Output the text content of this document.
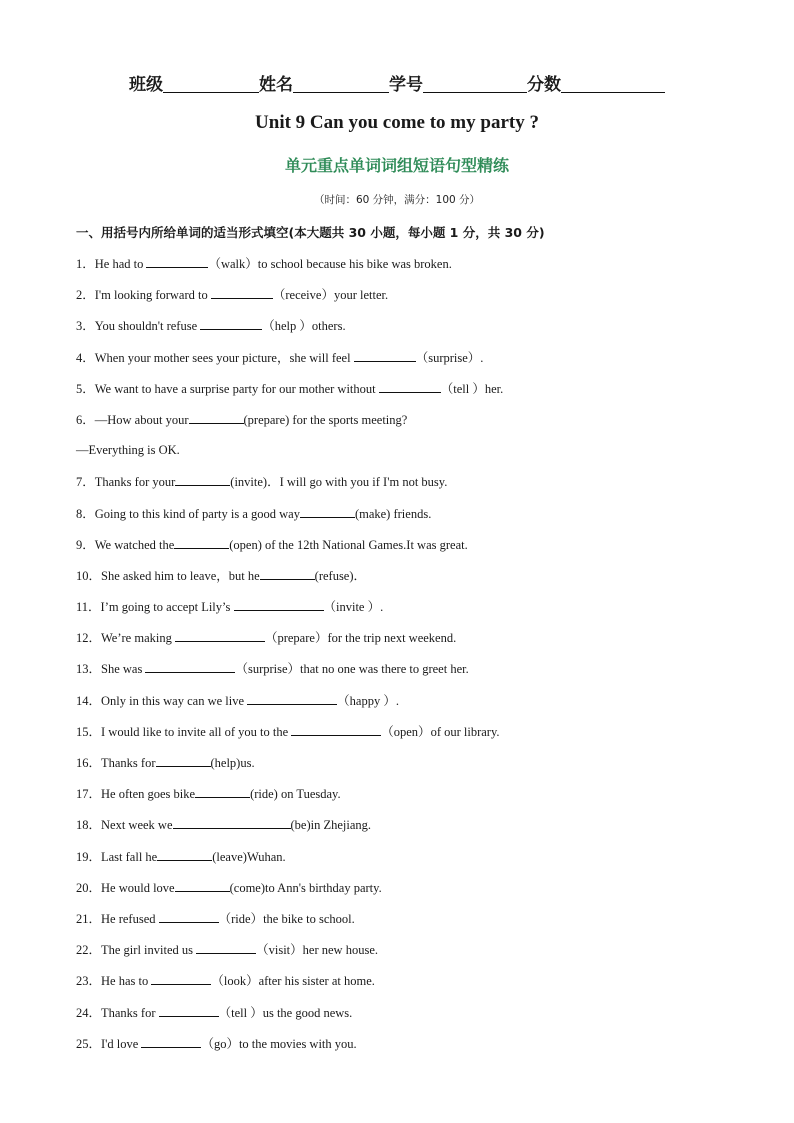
班级	姓名	学号	分数
Unit 9 Can you come to my party ?
单元重点单词词组短语句型精练
（时间：60 分钟，满分：100 分）
一、用括号内所给单词的适当形式填空(本大题共 30 小题，每小题 1 分，共 30 分)
1．He had to	（walk）to school because his bike was broken.
2．I'm looking forward to	（receive）your letter.
3．You shouldn't refuse	（help ）others.
4．When your mother sees your picture，she will feel	（surprise）.
5．We want to have a surprise party for our mother without	（tell ）her.
6．—How about your	(prepare) for the sports meeting?
—Everything is OK.
7．Thanks for your	(invite)．I will go with you if I'm not busy.
8．Going to this kind of party is a good way	(make) friends.
9．We watched the	(open) of the 12th National Games.It was great.
10．She asked him to leave，but he	(refuse)．
11．I’m going to accept Lily’s	（invite ）.
12．We’re making	（prepare）for the trip next weekend.
13．She was	（surprise）that no one was there to greet her.
14．Only in this way can we live	（happy ）.
15．I would like to invite all of you to the	（open）of our library.
16．Thanks for	(help)us.
17．He often goes bike	(ride) on Tuesday.
18．Next week we	(be)in Zhejiang.
19．Last fall he	(leave)Wuhan.
20．He would love	(come)to Ann's birthday party.
21．He refused	（ride）the bike to school.
22．The girl invited us	（visit）her new house.
23．He has to	（look）after his sister at home.
24．Thanks for	（tell ）us the good news.
25．I'd love	（go）to the movies with you.
